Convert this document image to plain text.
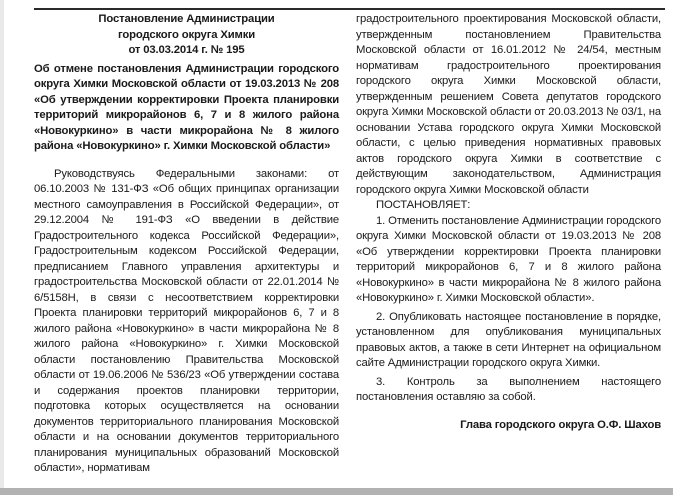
Постановление Администрации

городского округа Химки

от 03.03.2014 г. № 195

Об отмене постановления Администрации городского округа Химки Московской области от 19.03.2013 № 208 «Об утверждении корректировки Проекта планировки территорий микрорайонов 6, 7 и 8 жилого района «Новокуркино» в части микрорайона № 8 жилого района «Новокуркино» г. Химки Московской области»

Руководствуясь Федеральными законами: от 06.10.2003 № 131-ФЗ «Об общих принципах организации местного самоуправления в Российской Федерации», от 29.12.2004 № 191-ФЗ «О введении в действие Градостроительного кодекса Российской Федерации», Градостроительным кодексом Российской Федерации, предписанием Главного управления архитектуры и градостроительства Московской области от 22.01.2014 № 6/5158Н, в связи с несоответствием корректировки Проекта планировки территорий микрорайонов 6, 7 и 8 жилого района «Новокуркино» в части микрорайона № 8 жилого района «Новокуркино» г. Химки Московской области постановлению Правительства Московской области от 19.06.2006 № 536/23 «Об утверждении состава и содержания проектов планировки территории, подготовка которых осуществляется на основании документов территориального планирования Московской области и на основании документов территориального планирования муниципальных образований Московской области», нормативам

градостроительного проектирования Московской области, утвержденным постановлением Правительства Московской области от 16.01.2012 № 24/54, местным нормативам градостроительного проектирования городского округа Химки Московской области, утвержденным решением Совета депутатов городского округа Химки Московской области от 20.03.2013 № 03/1, на основании Устава городского округа Химки Московской области, с целью приведения нормативных правовых актов городского округа Химки в соответствие с действующим законодательством, Администрация городского округа Химки Московской области

ПОСТАНОВЛЯЕТ:

1. Отменить постановление Администрации городского округа Химки Московской области от 19.03.2013 № 208 «Об утверждении корректировки Проекта планировки территорий микрорайонов 6, 7 и 8 жилого района «Новокуркино» в части микрорайона № 8 жилого района «Новокуркино» г. Химки Московской области».

2. Опубликовать настоящее постановление в порядке, установленном для опубликования муниципальных правовых актов, а также в сети Интернет на официальном сайте Администрации городского округа Химки.

3. Контроль за выполнением настоящего постановления оставляю за собой.

Глава городского округа О.Ф. Шахов
